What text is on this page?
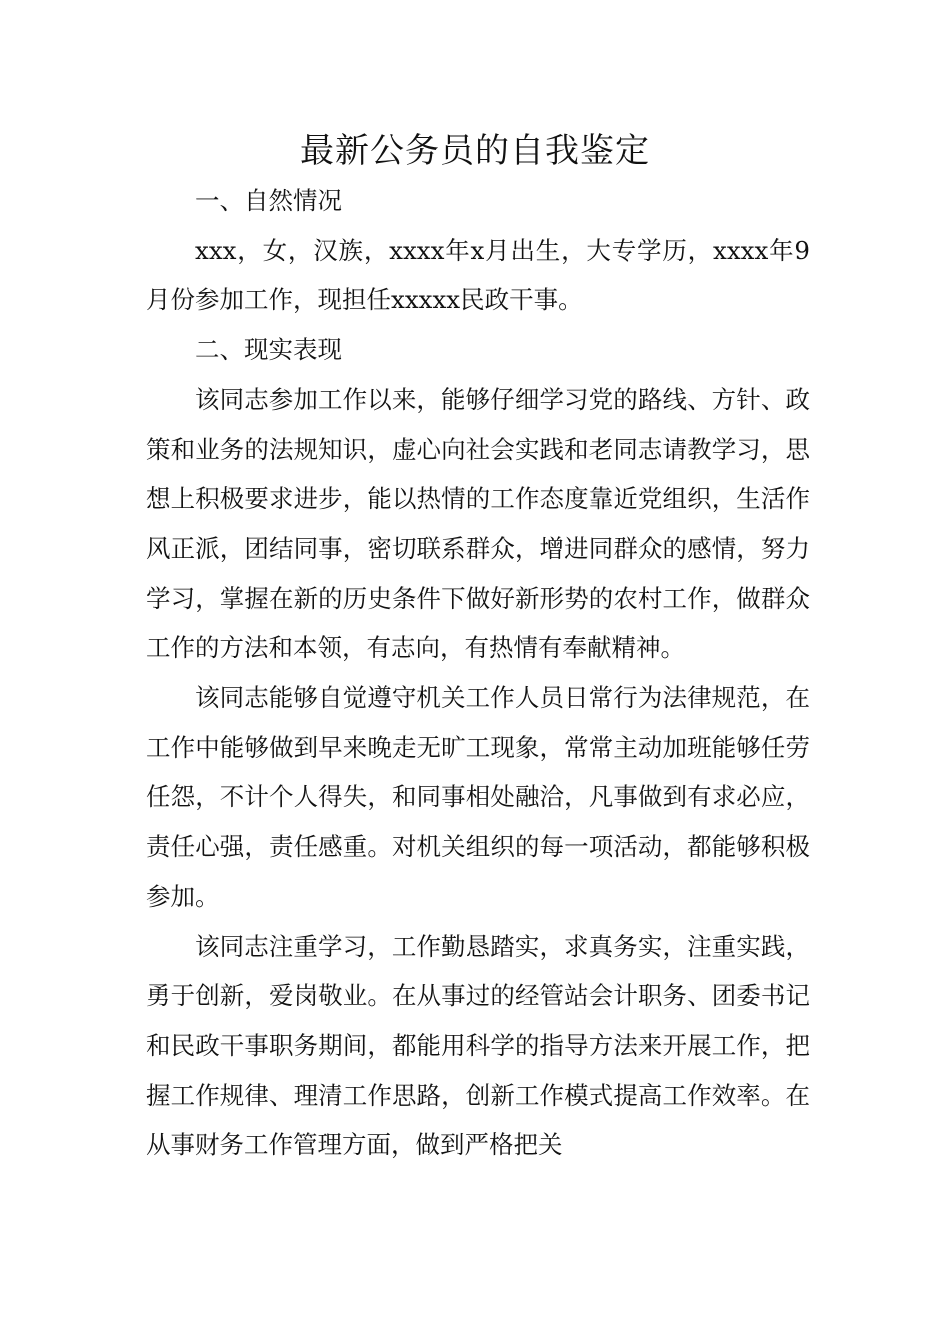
最新公务员的自我鉴定

一、自然情况

xxx，女，汉族，xxxx年x月出生，大专学历，xxxx年9月份参加工作，现担任xxxxx民政干事。

二、现实表现

该同志参加工作以来，能够仔细学习党的路线、方针、政策和业务的法规知识，虚心向社会实践和老同志请教学习，思想上积极要求进步，能以热情的工作态度靠近党组织，生活作风正派，团结同事，密切联系群众，增进同群众的感情，努力学习，掌握在新的历史条件下做好新形势的农村工作，做群众工作的方法和本领，有志向，有热情有奉献精神。

该同志能够自觉遵守机关工作人员日常行为法律规范，在工作中能够做到早来晚走无旷工现象，常常主动加班能够任劳任怨，不计个人得失，和同事相处融洽，凡事做到有求必应，责任心强，责任感重。对机关组织的每一项活动，都能够积极参加。

该同志注重学习，工作勤恳踏实，求真务实，注重实践，勇于创新，爱岗敬业。在从事过的经管站会计职务、团委书记和民政干事职务期间，都能用科学的指导方法来开展工作，把握工作规律、理清工作思路，创新工作模式提高工作效率。在从事财务工作管理方面，做到严格把关
